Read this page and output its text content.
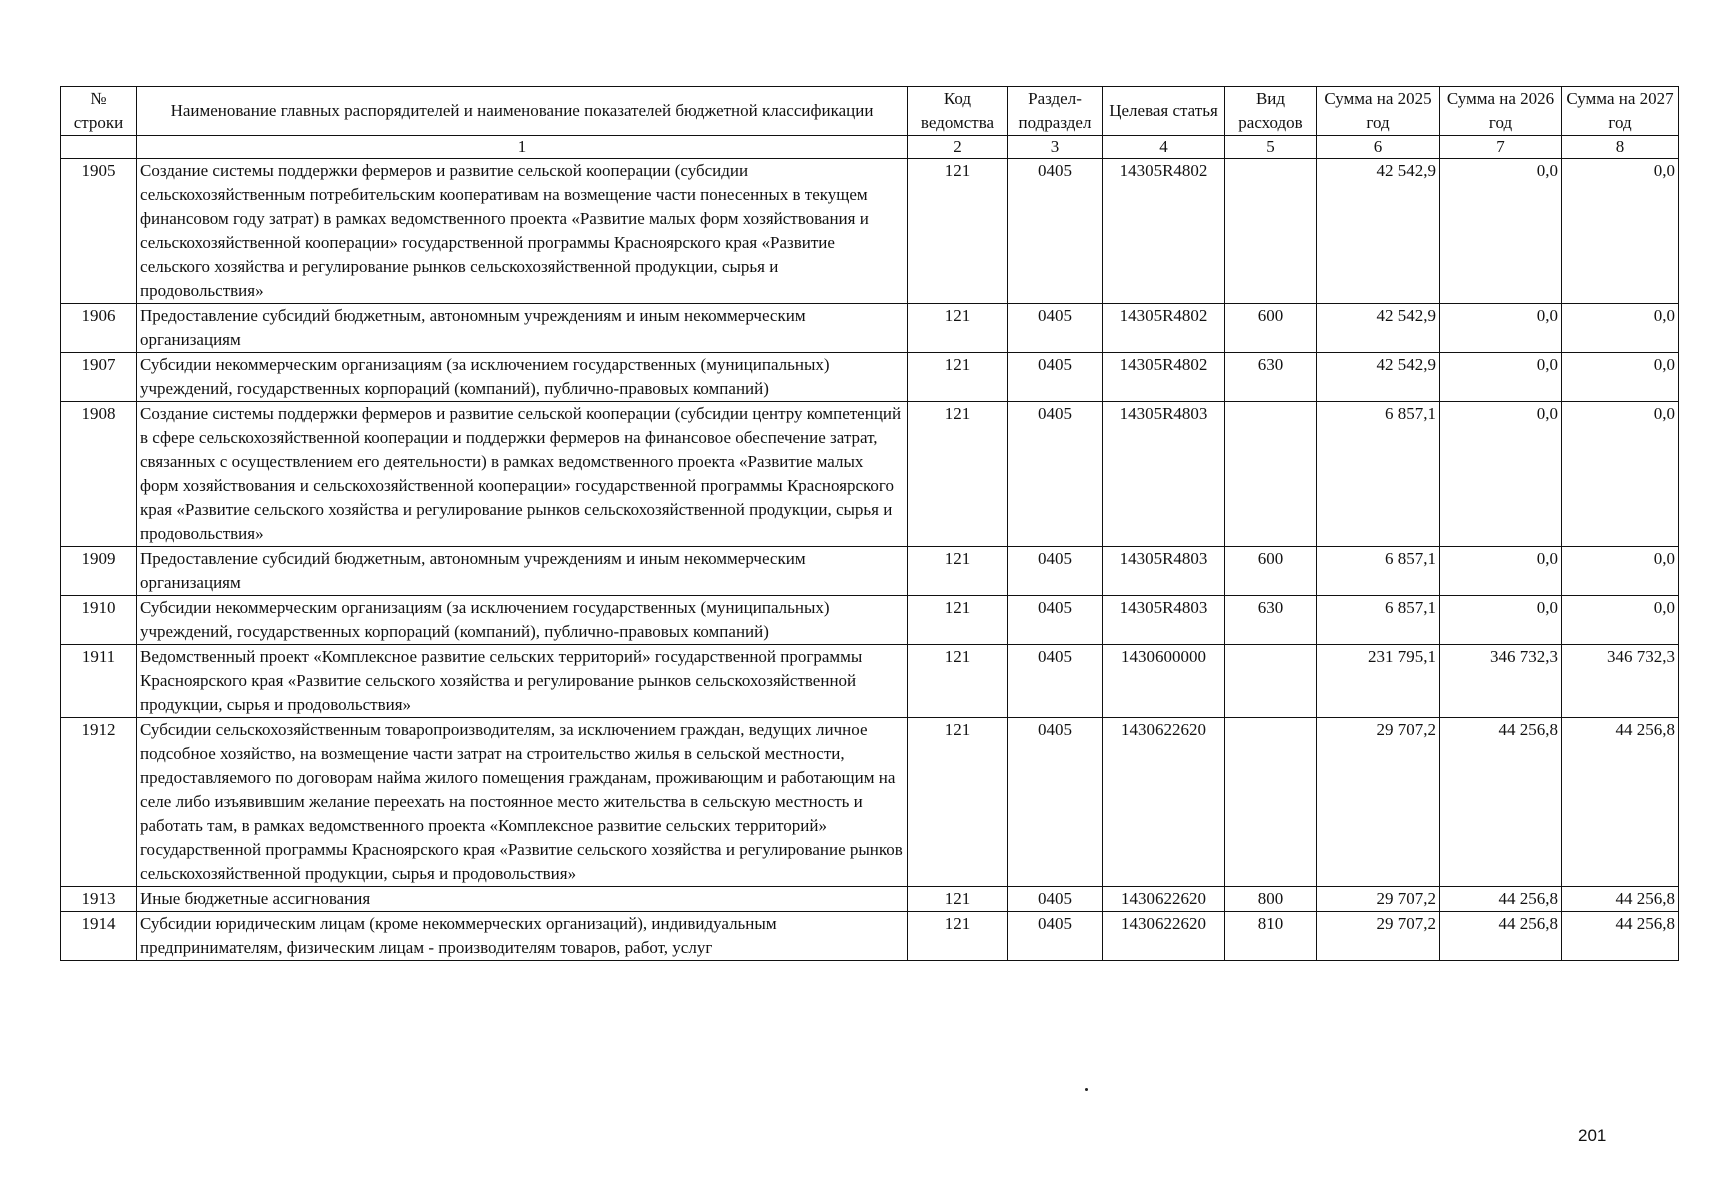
№ строки	Наименование главных распорядителей и наименование показателей бюджетной классификации	Код ведомства	Раздел-подраздел	Целевая статья	Вид расходов	Сумма на 2025 год	Сумма на 2026 год	Сумма на 2027 год
	1	2	3	4	5	6	7	8
1905	Создание системы поддержки фермеров и развитие сельской кооперации (субсидии сельскохозяйственным потребительским кооперативам на возмещение части понесенных в текущем финансовом году затрат) в рамках ведомственного проекта «Развитие малых форм хозяйствования и сельскохозяйственной кооперации» государственной программы Красноярского края «Развитие сельского хозяйства и регулирование рынков сельскохозяйственной продукции, сырья и продовольствия»	121	0405	14305R4802		42 542,9	0,0	0,0
1906	Предоставление субсидий бюджетным, автономным учреждениям и иным некоммерческим организациям	121	0405	14305R4802	600	42 542,9	0,0	0,0
1907	Субсидии некоммерческим организациям (за исключением государственных (муниципальных) учреждений, государственных корпораций (компаний), публично-правовых компаний)	121	0405	14305R4802	630	42 542,9	0,0	0,0
1908	Создание системы поддержки фермеров и развитие сельской кооперации (субсидии центру компетенций в сфере сельскохозяйственной кооперации и поддержки фермеров на финансовое обеспечение затрат, связанных с осуществлением его деятельности) в рамках ведомственного проекта «Развитие малых форм хозяйствования и сельскохозяйственной кооперации» государственной программы Красноярского края «Развитие сельского хозяйства и регулирование рынков сельскохозяйственной продукции, сырья и продовольствия»	121	0405	14305R4803		6 857,1	0,0	0,0
1909	Предоставление субсидий бюджетным, автономным учреждениям и иным некоммерческим организациям	121	0405	14305R4803	600	6 857,1	0,0	0,0
1910	Субсидии некоммерческим организациям (за исключением государственных (муниципальных) учреждений, государственных корпораций (компаний), публично-правовых компаний)	121	0405	14305R4803	630	6 857,1	0,0	0,0
1911	Ведомственный проект «Комплексное развитие сельских территорий» государственной программы Красноярского края «Развитие сельского хозяйства и регулирование рынков сельскохозяйственной продукции, сырья и продовольствия»	121	0405	1430600000		231 795,1	346 732,3	346 732,3
1912	Субсидии сельскохозяйственным товаропроизводителям, за исключением граждан, ведущих личное подсобное хозяйство, на возмещение части затрат на строительство жилья в сельской местности, предоставляемого по договорам найма жилого помещения гражданам, проживающим и работающим на селе либо изъявившим желание переехать на постоянное место жительства в сельскую местность и работать там, в рамках ведомственного проекта «Комплексное развитие сельских территорий» государственной программы Красноярского края «Развитие сельского хозяйства и регулирование рынков сельскохозяйственной продукции, сырья и продовольствия»	121	0405	1430622620		29 707,2	44 256,8	44 256,8
1913	Иные бюджетные ассигнования	121	0405	1430622620	800	29 707,2	44 256,8	44 256,8
1914	Субсидии юридическим лицам (кроме некоммерческих организаций), индивидуальным предпринимателям, физическим лицам - производителям товаров, работ, услуг	121	0405	1430622620	810	29 707,2	44 256,8	44 256,8
201
